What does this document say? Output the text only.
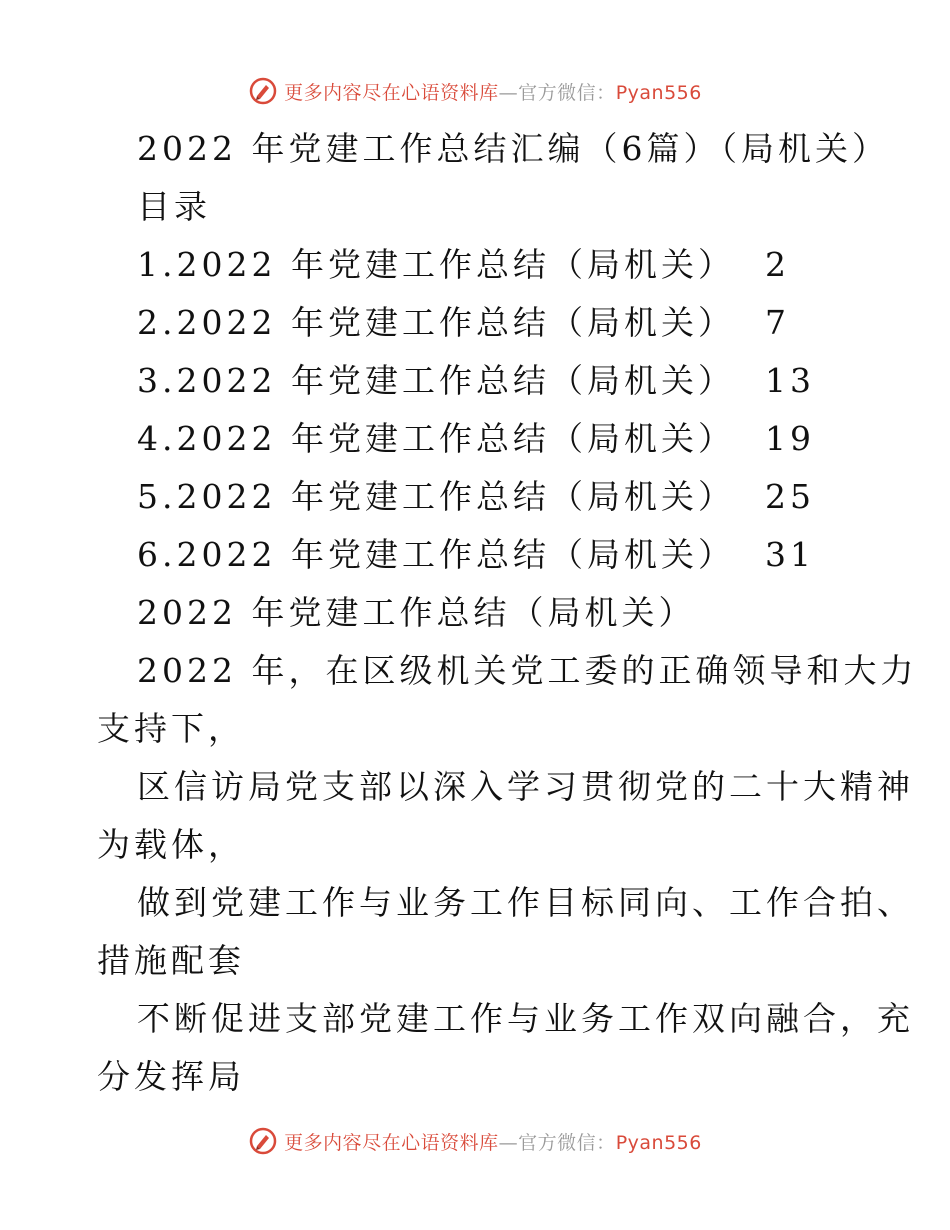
更多内容尽在心语资料库—官方微信：Pyan556
2022 年党建工作总结汇编（6篇）（局机关）
目录
1.2022 年党建工作总结（局机关） 2
2.2022 年党建工作总结（局机关） 7
3.2022 年党建工作总结（局机关） 13
4.2022 年党建工作总结（局机关） 19
5.2022 年党建工作总结（局机关） 25
6.2022 年党建工作总结（局机关） 31
2022 年党建工作总结（局机关）
2022 年，在区级机关党工委的正确领导和大力
支持下，
区信访局党支部以深入学习贯彻党的二十大精神
为载体，
做到党建工作与业务工作目标同向、工作合拍、
措施配套
不断促进支部党建工作与业务工作双向融合，充
分发挥局
更多内容尽在心语资料库—官方微信：Pyan556
